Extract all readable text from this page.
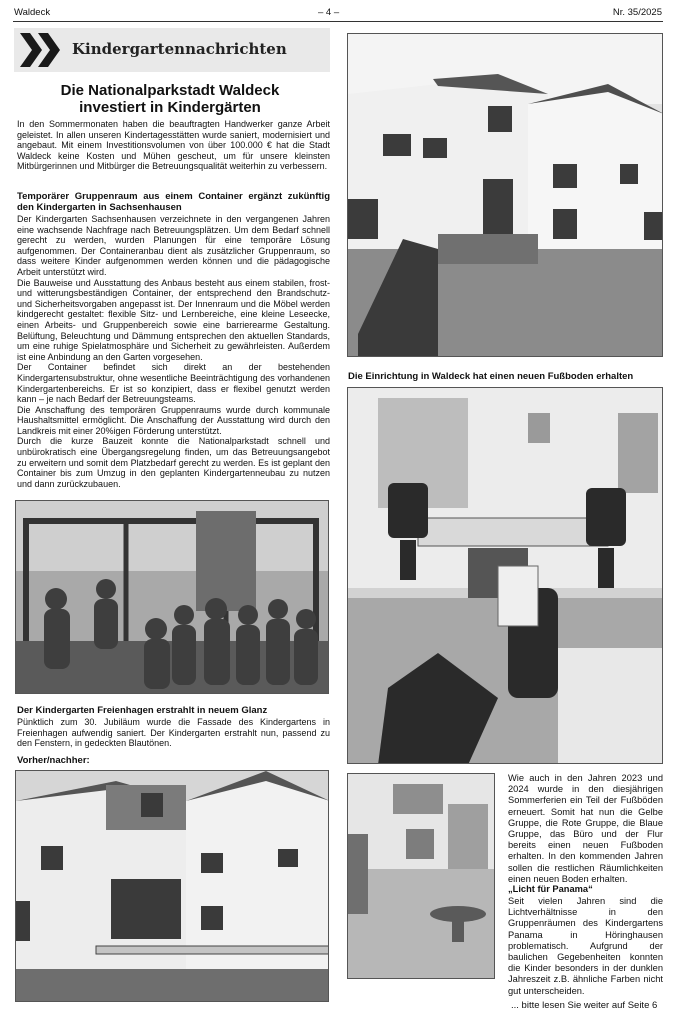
Waldeck	– 4 –	Nr. 35/2025
Kindergartennachrichten
Die Nationalparkstadt Waldeck investiert in Kindergärten
In den Sommermonaten haben die beauftragten Handwerker ganze Arbeit geleistet. In allen unseren Kindertagesstätten wurde saniert, modernisiert und angebaut. Mit einem Investitionsvolumen von über 100.000 € hat die Stadt Waldeck keine Kosten und Mühen gescheut, um für unsere kleinsten Mitbürgerinnen und Mitbürger die Betreuungsqualität weiterhin zu verbessern.
Temporärer Gruppenraum aus einem Container ergänzt zukünftig den Kindergarten in Sachsenhausen

Der Kindergarten Sachsenhausen verzeichnete in den vergangenen Jahren eine wachsende Nachfrage nach Betreuungsplätzen. Um dem Bedarf schnell gerecht zu werden, wurden Planungen für eine temporäre Lösung aufgenommen. Der Containeranbau dient als zusätzlicher Gruppenraum, so dass weitere Kinder aufgenommen werden können und die pädagogische Arbeit unterstützt wird.

Die Bauweise und Ausstattung des Anbaus besteht aus einem stabilen, frost- und witterungsbeständigen Container, der entsprechend den Brandschutz- und Sicherheitsvorgaben angepasst ist. Der Innenraum und die Möbel werden kindgerecht gestaltet: flexible Sitz- und Lernbereiche, eine kleine Leseecke, einen Arbeits- und Gruppenbereich sowie eine barrierearme Gestaltung. Belüftung, Beleuchtung und Dämmung entsprechen den aktuellen Standards, um eine ruhige Spielatmosphäre und Sicherheit zu gewährleisten. Außerdem ist eine Anbindung an den Garten vorgesehen.

Der Container befindet sich direkt an der bestehenden Kindergartensubstruktur, ohne wesentliche Beeinträchtigung des vorhandenen Kindergartenbereichs. Er ist so konzipiert, dass er flexibel genutzt werden kann – je nach Bedarf der Betreuungsteams.

Die Anschaffung des temporären Gruppenraums wurde durch kommunale Haushaltsmittel ermöglicht. Die Anschaffung der Ausstattung wird durch den Landkreis mit einer 20%igen Förderung unterstützt.

Durch die kurze Bauzeit konnte die Nationalparkstadt schnell und unbürokratisch eine Übergangsregelung finden, um das Betreuungsangebot zu erweitern und somit dem Platzbedarf gerecht zu werden. Es ist geplant den Container bis zum Umzug in den geplanten Kindergartenneubau zu nutzen und dann zurückzubauen.

Der Kindergarten Freienhagen erstrahlt in neuem Glanz
Pünktlich zum 30. Jubiläum wurde die Fassade des Kindergartens in Freienhagen aufwendig saniert. Der Kindergarten erstrahlt nun, passend zu den Fenstern, in gedeckten Blautönen.
Vorher/nachher:
Die Einrichtung in Waldeck hat einen neuen Fußboden erhalten
Wie auch in den Jahren 2023 und 2024 wurde in den diesjährigen Sommerferien ein Teil der Fußböden erneuert. Somit hat nun die Gelbe Gruppe, die Rote Gruppe, die Blaue Gruppe, das Büro und der Flur bereits einen neuen Fußboden erhalten. In den kommenden Jahren sollen die restlichen Räumlichkeiten einen neuen Boden erhalten.
„Licht für Panama“
Seit vielen Jahren sind die Lichtverhältnisse in den Gruppenräumen des Kindergartens Panama in Höringhausen problematisch. Aufgrund der baulichen Gegebenheiten konnten die Kinder besonders in der dunklen Jahreszeit z.B. ähnliche Farben nicht gut unterscheiden.
... bitte lesen Sie weiter auf Seite 6
